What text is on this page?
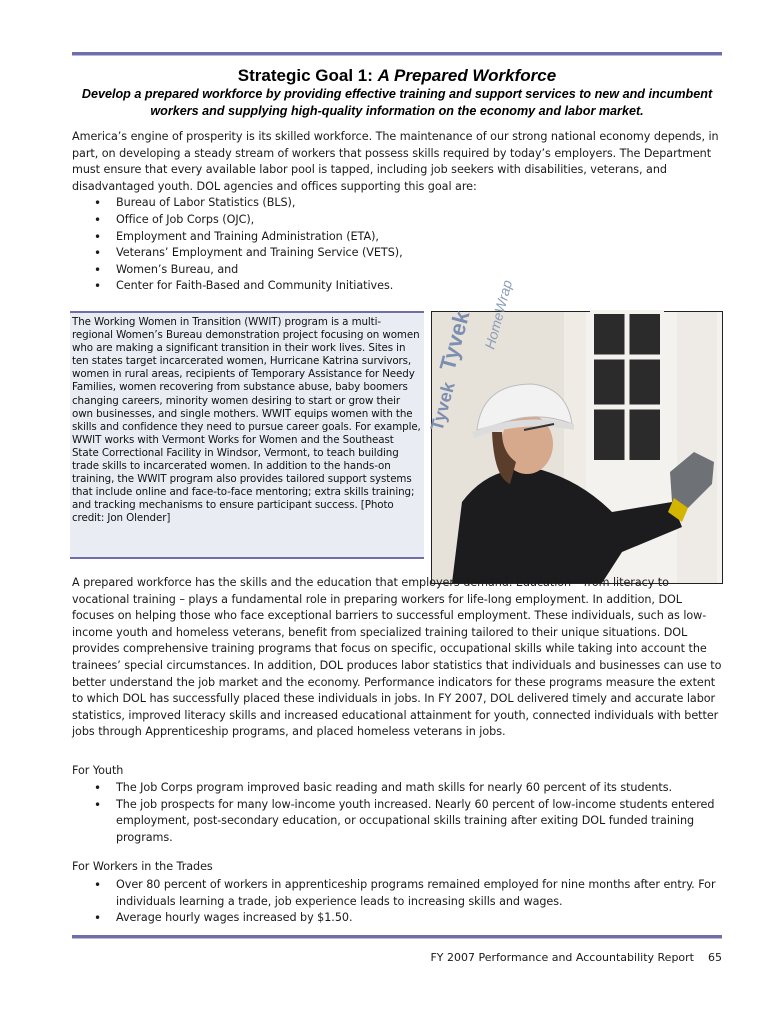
Strategic Goal 1: A Prepared Workforce
Develop a prepared workforce by providing effective training and support services to new and incumbent workers and supplying high-quality information on the economy and labor market.

America’s engine of prosperity is its skilled workforce. The maintenance of our strong national economy depends, in part, on developing a steady stream of workers that possess skills required by today’s employers. The Department must ensure that every available labor pool is tapped, including job seekers with disabilities, veterans, and disadvantaged youth. DOL agencies and offices supporting this goal are:

• Bureau of Labor Statistics (BLS),
• Office of Job Corps (OJC),
• Employment and Training Administration (ETA),
• Veterans’ Employment and Training Service (VETS),
• Women’s Bureau, and
• Center for Faith-Based and Community Initiatives.
The Working Women in Transition (WWIT) program is a multi-regional Women’s Bureau demonstration project focusing on women who are making a significant transition in their work lives. Sites in ten states target incarcerated women, Hurricane Katrina survivors, women in rural areas, recipients of Temporary Assistance for Needy Families, women recovering from substance abuse, baby boomers changing careers, minority women desiring to start or grow their own businesses, and single mothers. WWIT equips women with the skills and confidence they need to pursue career goals. For example, WWIT works with Vermont Works for Women and the Southeast State Correctional Facility in Windsor, Vermont, to teach building trade skills to incarcerated women. In addition to the hands-on training, the WWIT program also provides tailored support systems that include online and face-to-face mentoring; extra skills training; and tracking mechanisms to ensure participant success. [Photo credit: Jon Olender]
Tyvek HomeWrap
Tyvek

A prepared workforce has the skills and the education that employers demand. Education – from literacy to vocational training – plays a fundamental role in preparing workers for life-long employment. In addition, DOL focuses on helping those who face exceptional barriers to successful employment. These individuals, such as low-income youth and homeless veterans, benefit from specialized training tailored to their unique situations. DOL provides comprehensive training programs that focus on specific, occupational skills while taking into account the trainees’ special circumstances. In addition, DOL produces labor statistics that individuals and businesses can use to better understand the job market and the economy. Performance indicators for these programs measure the extent to which DOL has successfully placed these individuals in jobs. In FY 2007, DOL delivered timely and accurate labor statistics, improved literacy skills and increased educational attainment for youth, connected individuals with better jobs through Apprenticeship programs, and placed homeless veterans in jobs.

For Youth
• The Job Corps program improved basic reading and math skills for nearly 60 percent of its students.
• The job prospects for many low-income youth increased. Nearly 60 percent of low-income students entered employment, post-secondary education, or occupational skills training after exiting DOL funded training programs.
For Workers in the Trades
• Over 80 percent of workers in apprenticeship programs remained employed for nine months after entry. For individuals learning a trade, job experience leads to increasing skills and wages.
• Average hourly wages increased by $1.50.
FY 2007 Performance and Accountability Report 65
